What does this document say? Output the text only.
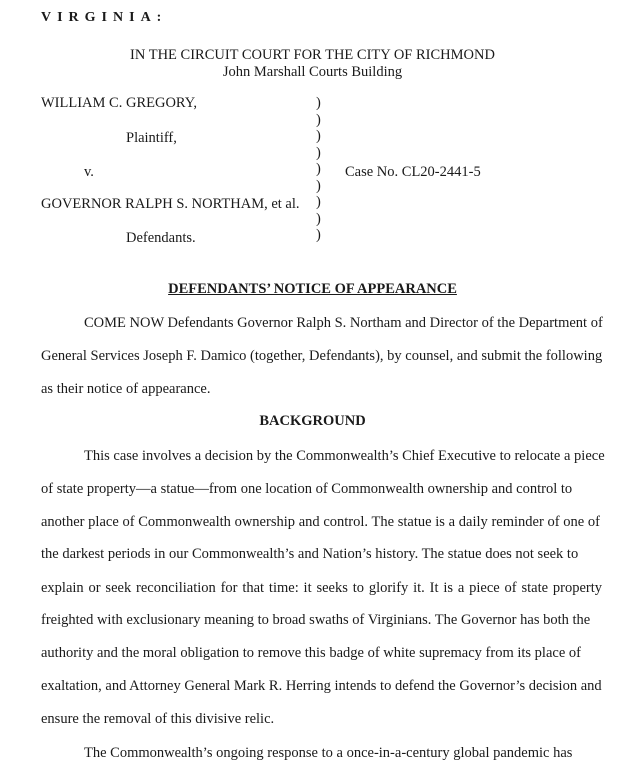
VIRGINIA:
IN THE CIRCUIT COURT FOR THE CITY OF RICHMOND
John Marshall Courts Building
WILLIAM C. GREGORY,
Plaintiff,
v.
GOVERNOR RALPH S. NORTHAM, et al.
Defendants.
)
)
)
)
)
)
)
)
)
Case No. CL20-2441-5
DEFENDANTS’ NOTICE OF APPEARANCE
COME NOW Defendants Governor Ralph S. Northam and Director of the Department of
General Services Joseph F. Damico (together, Defendants), by counsel, and submit the following
as their notice of appearance.
BACKGROUND
This case involves a decision by the Commonwealth’s Chief Executive to relocate a piece
of state property—a statue—from one location of Commonwealth ownership and control to
another place of Commonwealth ownership and control. The statue is a daily reminder of one of
the darkest periods in our Commonwealth’s and Nation’s history. The statue does not seek to
explain or seek reconciliation for that time: it seeks to glorify it. It is a piece of state property
freighted with exclusionary meaning to broad swaths of Virginians. The Governor has both the
authority and the moral obligation to remove this badge of white supremacy from its place of
exaltation, and Attorney General Mark R. Herring intends to defend the Governor’s decision and
ensure the removal of this divisive relic.
The Commonwealth’s ongoing response to a once-in-a-century global pandemic has
